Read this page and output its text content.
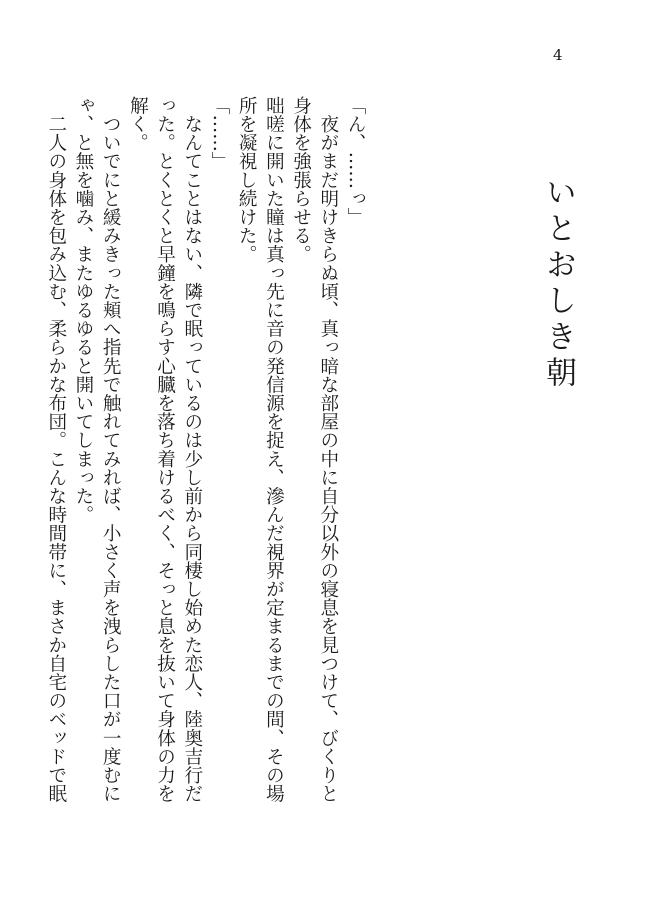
4
いとおしき朝

「ん、……っ」

　夜がまだ明けきらぬ頃、真っ暗な部屋の中に自分以外の寝息を見つけて、びくりと

身体を強張らせる。

咄嗟に開いた瞳は真っ先に音の発信源を捉え、滲んだ視界が定まるまでの間、その場

所を凝視し続けた。

「……」

　なんてことはない、隣で眠っているのは少し前から同棲し始めた恋人、陸奥吉行だ

った。とくとくと早鐘を鳴らす心臓を落ち着けるべく、そっと息を抜いて身体の力を

解く。

　ついでにと緩みきった頬へ指先で触れてみれば、小さく声を洩らした口が一度むに

ゃ、と無を噛み、またゆるゆると開いてしまった。

　二人の身体を包み込む、柔らかな布団。こんな時間帯に、まさか自宅のベッドで眠
